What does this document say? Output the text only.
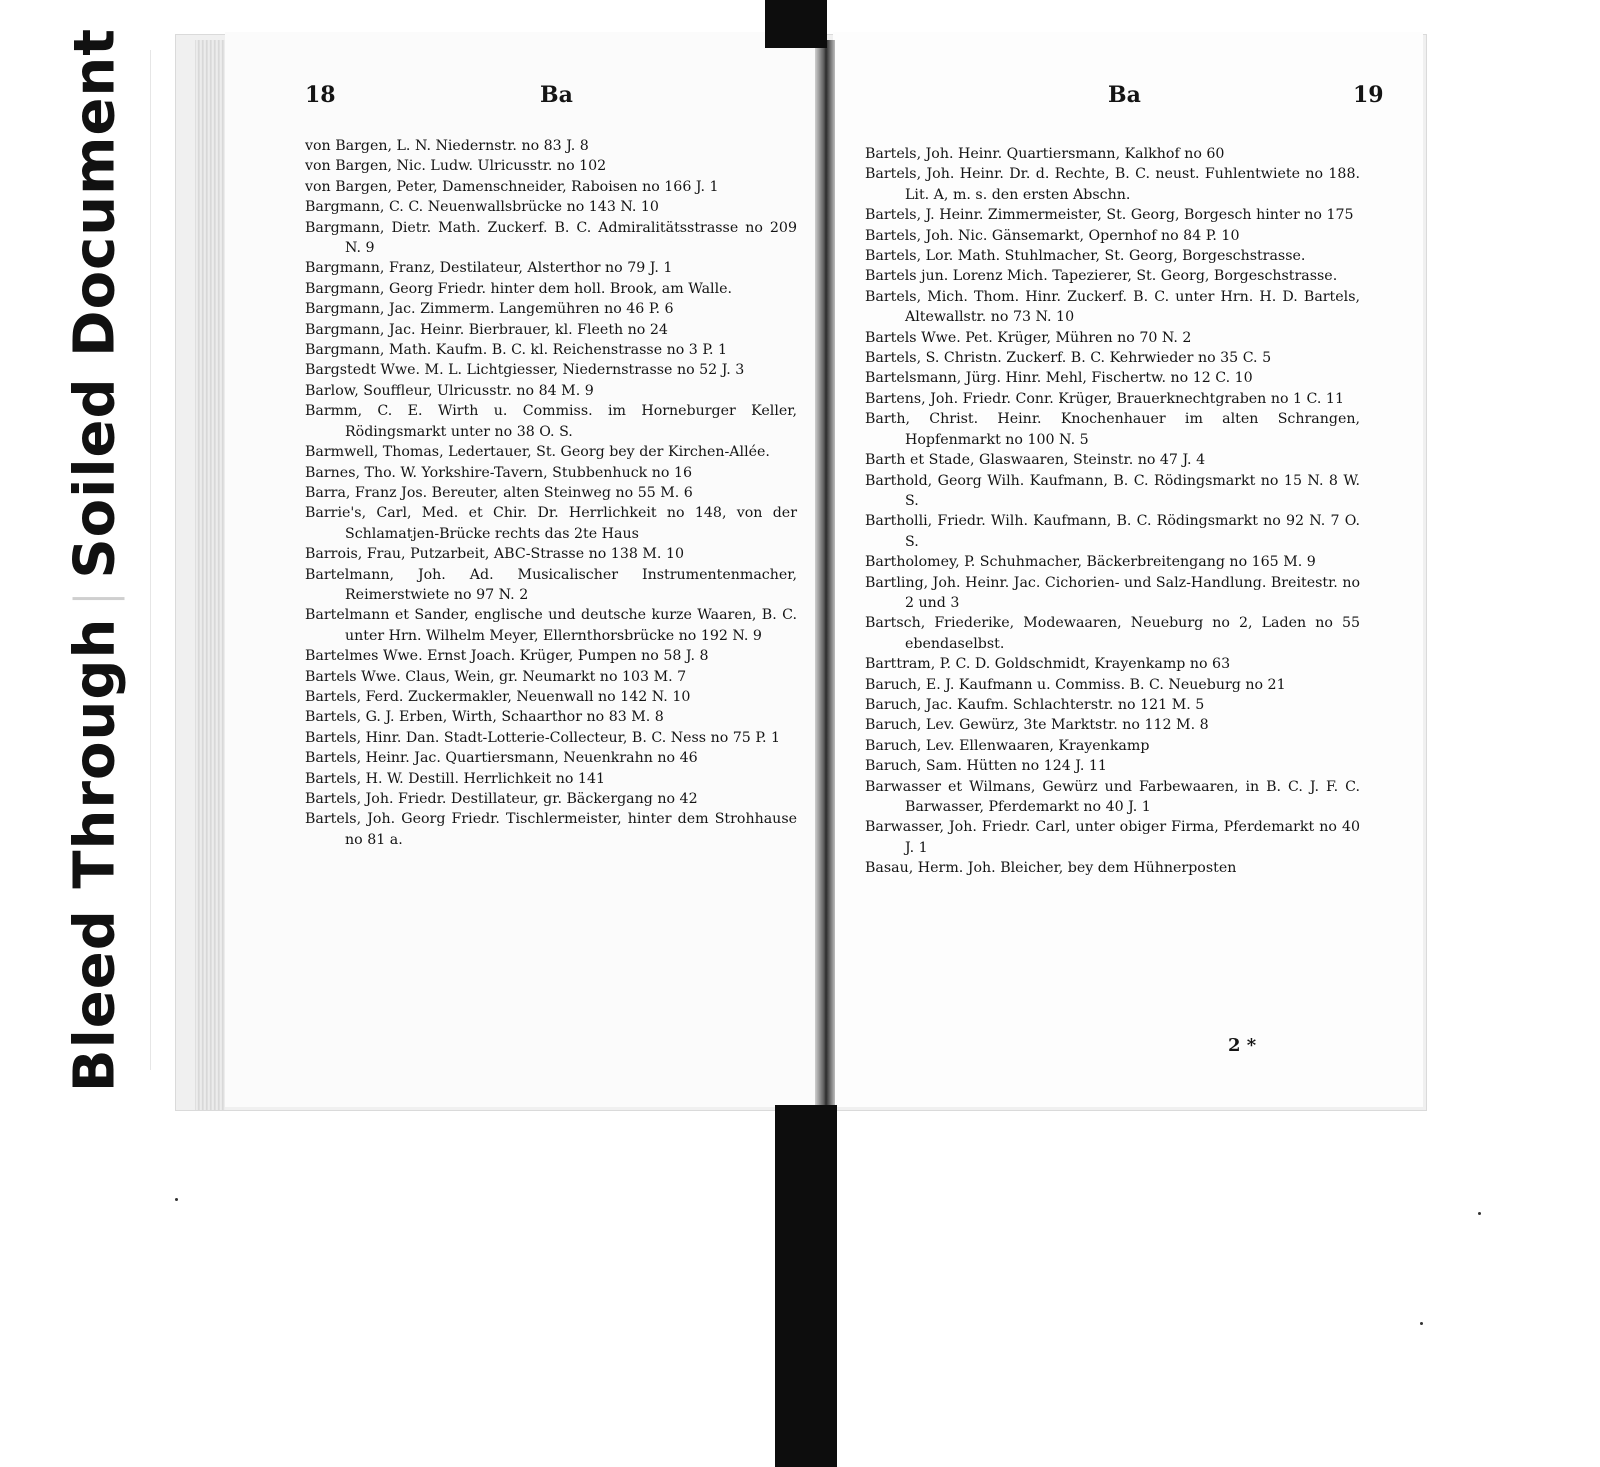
Bleed ThroughSoiled Document	18	Ba
von Bargen, L. N. Niedernstr. no 83 J. 8
von Bargen, Nic. Ludw. Ulricusstr. no 102
von Bargen, Peter, Damenschneider, Raboisen no 166 J. 1
Bargmann, C. C. Neuenwallsbrücke no 143 N. 10
Bargmann, Dietr. Math. Zuckerf. B. C. Admiralitätsstrasse no 209 N. 9
Bargmann, Franz, Destilateur, Alsterthor no 79 J. 1
Bargmann, Georg Friedr. hinter dem holl. Brook, am Walle.
Bargmann, Jac. Zimmerm. Langemühren no 46 P. 6
Bargmann, Jac. Heinr. Bierbrauer, kl. Fleeth no 24
Bargmann, Math. Kaufm. B. C. kl. Reichenstrasse no 3 P. 1
Bargstedt Wwe. M. L. Lichtgiesser, Niedernstrasse no 52 J. 3
Barlow, Souffleur, Ulricusstr. no 84 M. 9
Barmm, C. E. Wirth u. Commiss. im Horneburger Keller, Rödingsmarkt unter no 38 O. S.
Barmwell, Thomas, Ledertauer, St. Georg bey der Kirchen-Allée.
Barnes, Tho. W. Yorkshire-Tavern, Stubbenhuck no 16
Barra, Franz Jos. Bereuter, alten Steinweg no 55 M. 6
Barrie's, Carl, Med. et Chir. Dr. Herrlichkeit no 148, von der Schlamatjen-Brücke rechts das 2te Haus
Barrois, Frau, Putzarbeit, ABC-Strasse no 138 M. 10
Bartelmann, Joh. Ad. Musicalischer Instrumentenmacher, Reimerstwiete no 97 N. 2
Bartelmann et Sander, englische und deutsche kurze Waaren, B. C. unter Hrn. Wilhelm Meyer, Ellernthorsbrücke no 192 N. 9
Bartelmes Wwe. Ernst Joach. Krüger, Pumpen no 58 J. 8
Bartels Wwe. Claus, Wein, gr. Neumarkt no 103 M. 7
Bartels, Ferd. Zuckermakler, Neuenwall no 142 N. 10
Bartels, G. J. Erben, Wirth, Schaarthor no 83 M. 8
Bartels, Hinr. Dan. Stadt-Lotterie-Collecteur, B. C. Ness no 75 P. 1
Bartels, Heinr. Jac. Quartiersmann, Neuenkrahn no 46
Bartels, H. W. Destill. Herrlichkeit no 141
Bartels, Joh. Friedr. Destillateur, gr. Bäckergang no 42
Bartels, Joh. Georg Friedr. Tischlermeister, hinter dem Strohhause no 81 a.
Ba	19
Bartels, Joh. Heinr. Quartiersmann, Kalkhof no 60
Bartels, Joh. Heinr. Dr. d. Rechte, B. C. neust. Fuhlentwiete no 188. Lit. A, m. s. den ersten Abschn.
Bartels, J. Heinr. Zimmermeister, St. Georg, Borgesch hinter no 175
Bartels, Joh. Nic. Gänsemarkt, Opernhof no 84 P. 10
Bartels, Lor. Math. Stuhlmacher, St. Georg, Borgeschstrasse.
Bartels jun. Lorenz Mich. Tapezierer, St. Georg, Borgeschstrasse.
Bartels, Mich. Thom. Hinr. Zuckerf. B. C. unter Hrn. H. D. Bartels, Altewallstr. no 73 N. 10
Bartels Wwe. Pet. Krüger, Mühren no 70 N. 2
Bartels, S. Christn. Zuckerf. B. C. Kehrwieder no 35 C. 5
Bartelsmann, Jürg. Hinr. Mehl, Fischertw. no 12 C. 10
Bartens, Joh. Friedr. Conr. Krüger, Brauerknechtgraben no 1 C. 11
Barth, Christ. Heinr. Knochenhauer im alten Schrangen, Hopfenmarkt no 100 N. 5
Barth et Stade, Glaswaaren, Steinstr. no 47 J. 4
Barthold, Georg Wilh. Kaufmann, B. C. Rödingsmarkt no 15 N. 8 W. S.
Bartholli, Friedr. Wilh. Kaufmann, B. C. Rödingsmarkt no 92 N. 7 O. S.
Bartholomey, P. Schuhmacher, Bäckerbreitengang no 165 M. 9
Bartling, Joh. Heinr. Jac. Cichorien- und Salz-Handlung. Breitestr. no 2 und 3
Bartsch, Friederike, Modewaaren, Neueburg no 2, Laden no 55 ebendaselbst.
Barttram, P. C. D. Goldschmidt, Krayenkamp no 63
Baruch, E. J. Kaufmann u. Commiss. B. C. Neueburg no 21
Baruch, Jac. Kaufm. Schlachterstr. no 121 M. 5
Baruch, Lev. Gewürz, 3te Marktstr. no 112 M. 8
Baruch, Lev. Ellenwaaren, Krayenkamp
Baruch, Sam. Hütten no 124 J. 11
Barwasser et Wilmans, Gewürz und Farbewaaren, in B. C. J. F. C. Barwasser, Pferdemarkt no 40 J. 1
Barwasser, Joh. Friedr. Carl, unter obiger Firma, Pferdemarkt no 40 J. 1
Basau, Herm. Joh. Bleicher, bey dem Hühnerposten
2 *
